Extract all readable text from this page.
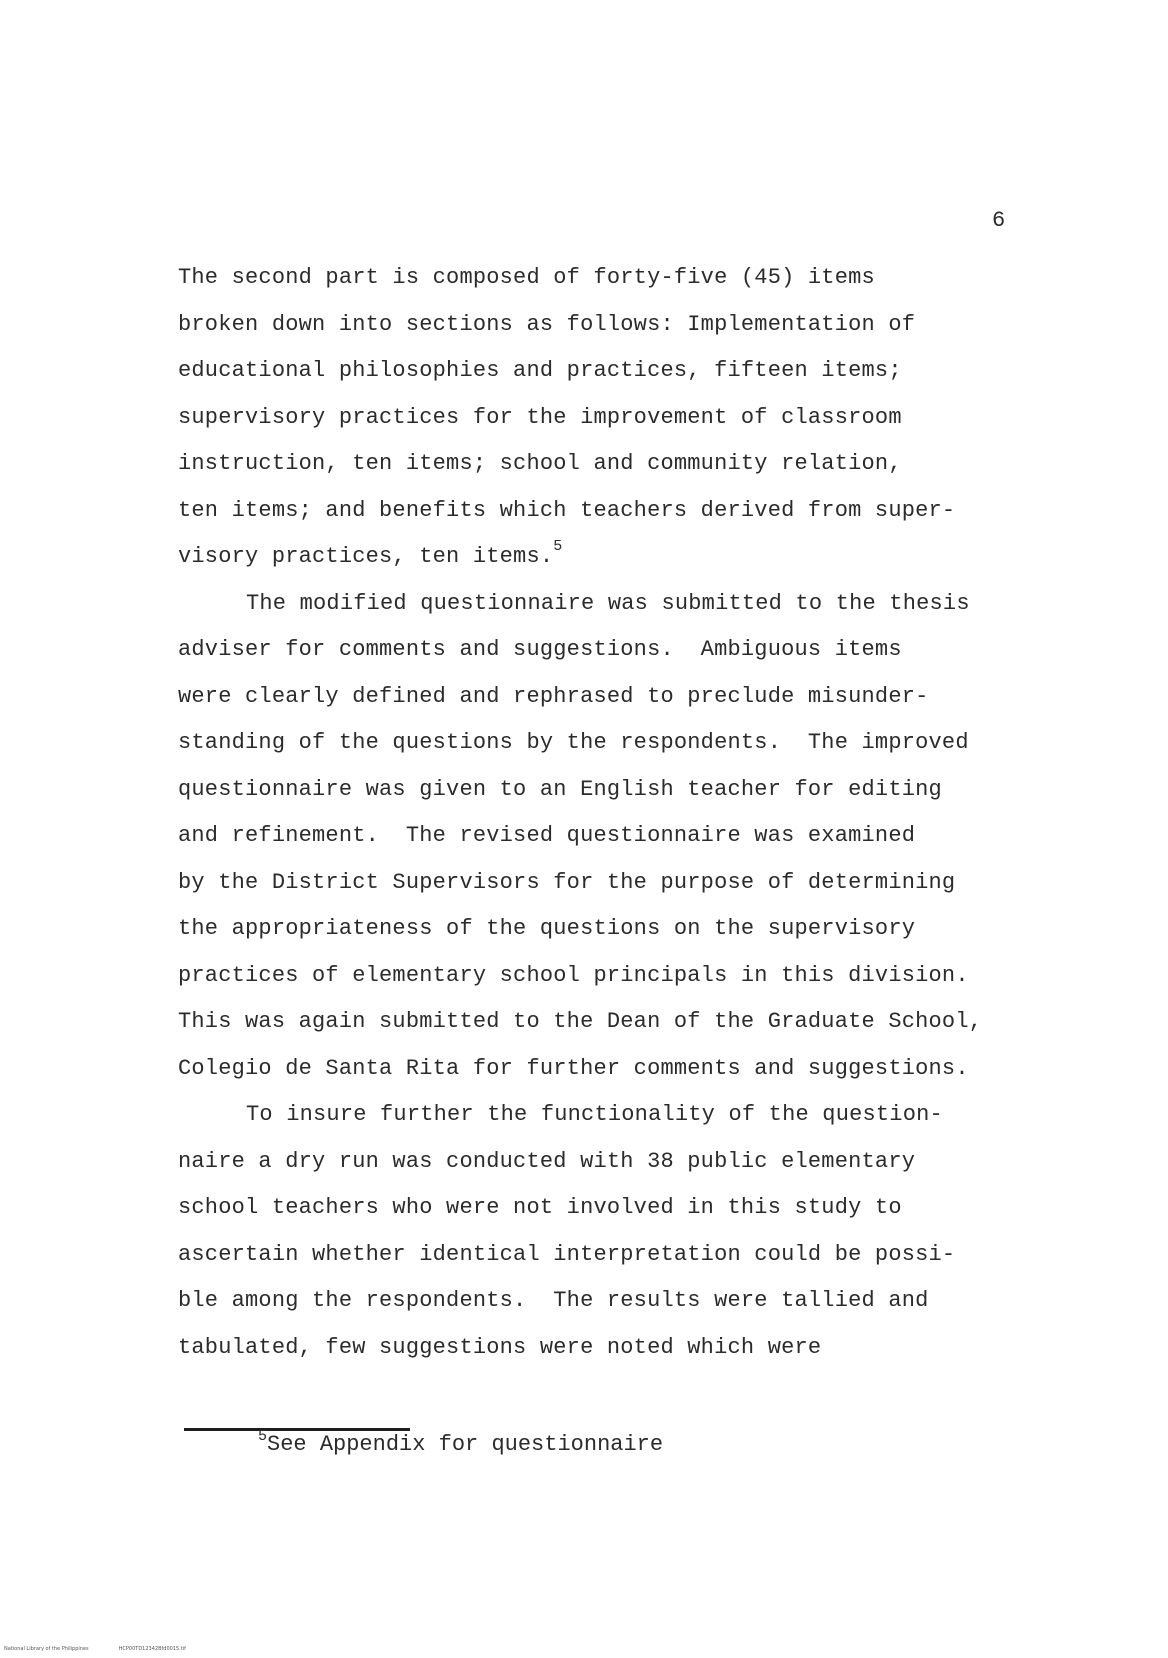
6
The second part is composed of forty-five (45) items
broken down into sections as follows: Implementation of
educational philosophies and practices, fifteen items;
supervisory practices for the improvement of classroom
instruction, ten items; school and community relation,
ten items; and benefits which teachers derived from super-
visory practices, ten items.$^5$
The modified questionnaire was submitted to the thesis
adviser for comments and suggestions.  Ambiguous items
were clearly defined and rephrased to preclude misunder-
standing of the questions by the respondents.  The improved
questionnaire was given to an English teacher for editing
and refinement.  The revised questionnaire was examined
by the District Supervisors for the purpose of determining
the appropriateness of the questions on the supervisory
practices of elementary school principals in this division.
This was again submitted to the Dean of the Graduate School,
Colegio de Santa Rita for further comments and suggestions.
To insure further the functionality of the question-
naire a dry run was conducted with 38 public elementary
school teachers who were not involved in this study to
ascertain whether identical interpretation could be possi-
ble among the respondents.  The results were tallied and
tabulated, few suggestions were noted which were
$^5$See Appendix for questionnaire
National Library of the Philippines	HCP00TD12342Bfd0015.tif
